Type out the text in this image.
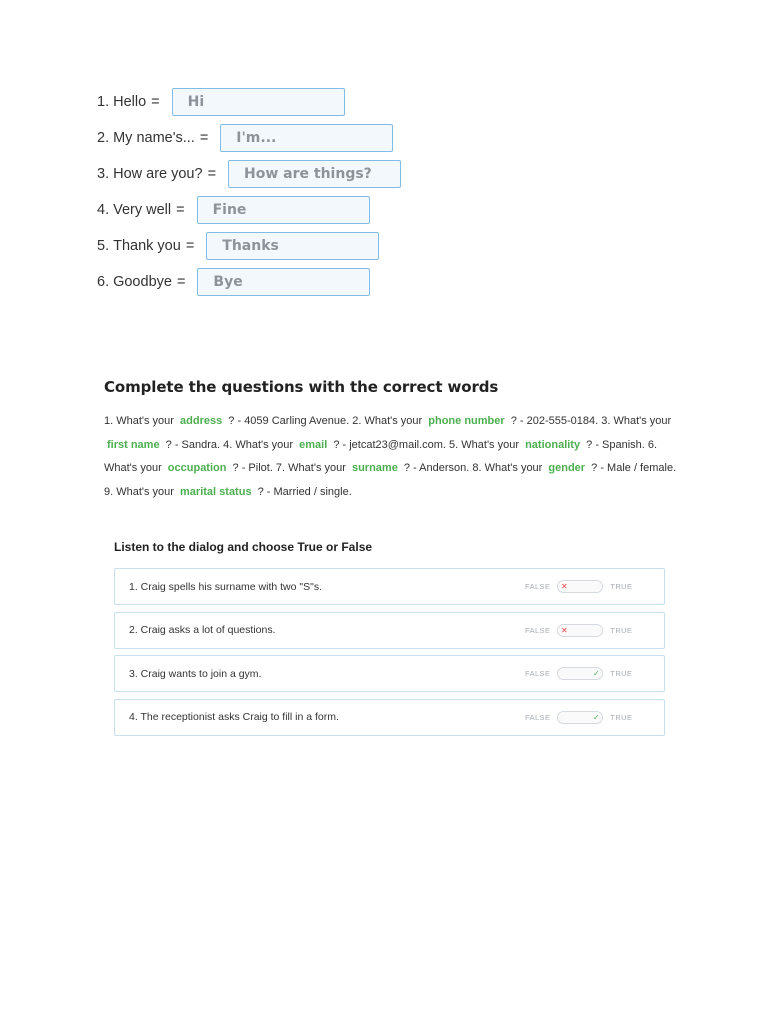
1. Hello =
Hi
2. My name's... =
I'm...
3. How are you? =
How are things?
4. Very well =
Fine
5. Thank you =
Thanks
6. Goodbye =
Bye
Complete the questions with the correct words
1. What's your address ? - 4059 Carling Avenue. 2. What's your phone number ? - 202-555-0184. 3. What's your first name ? - Sandra. 4. What's your email ? - jetcat23@mail.com. 5. What's your nationality ? - Spanish. 6. What's your occupation ? - Pilot. 7. What's your surname ? - Anderson. 8. What's your gender ? - Male / female. 9. What's your marital status ? - Married / single.
Listen to the dialog and choose True or False
1. Craig spells his surname with two "S"s.	FALSE ✕	TRUE
2. Craig asks a lot of questions.	FALSE ✕	TRUE
3. Craig wants to join a gym.	FALSE	✓ TRUE
4. The receptionist asks Craig to fill in a form.	FALSE	✓ TRUE
